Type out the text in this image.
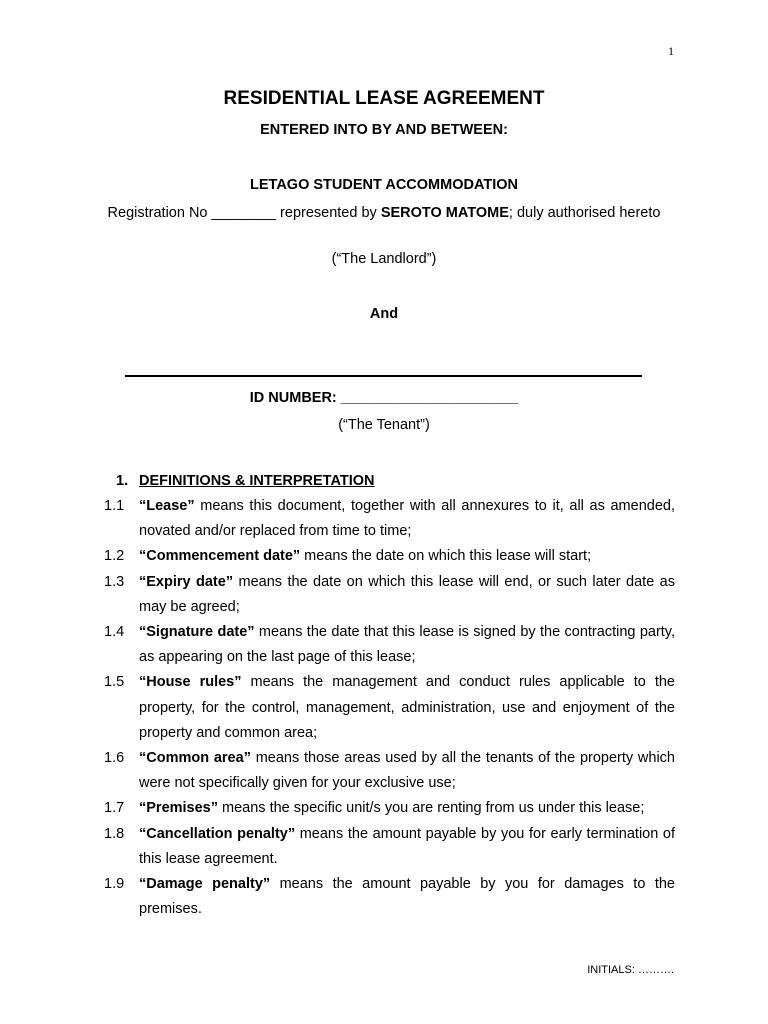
1
RESIDENTIAL LEASE AGREEMENT
ENTERED INTO BY AND BETWEEN:
LETAGO STUDENT ACCOMMODATION
Registration No ________ represented by SEROTO MATOME; duly authorised hereto
(“The Landlord”)
And
ID NUMBER: ______________________
(“The Tenant”)
1. DEFINITIONS & INTERPRETATION
1.1	“Lease” means this document, together with all annexures to it, all as amended, novated and/or replaced from time to time;
1.2	“Commencement date” means the date on which this lease will start;
1.3	“Expiry date” means the date on which this lease will end, or such later date as may be agreed;
1.4	“Signature date” means the date that this lease is signed by the contracting party, as appearing on the last page of this lease;
1.5	“House rules” means the management and conduct rules applicable to the property, for the control, management, administration, use and enjoyment of the property and common area;
1.6	“Common area” means those areas used by all the tenants of the property which were not specifically given for your exclusive use;
1.7	“Premises” means the specific unit/s you are renting from us under this lease;
1.8	“Cancellation penalty” means the amount payable by you for early termination of this lease agreement.
1.9	“Damage penalty” means the amount payable by you for damages to the premises.
INITIALS: ……….
